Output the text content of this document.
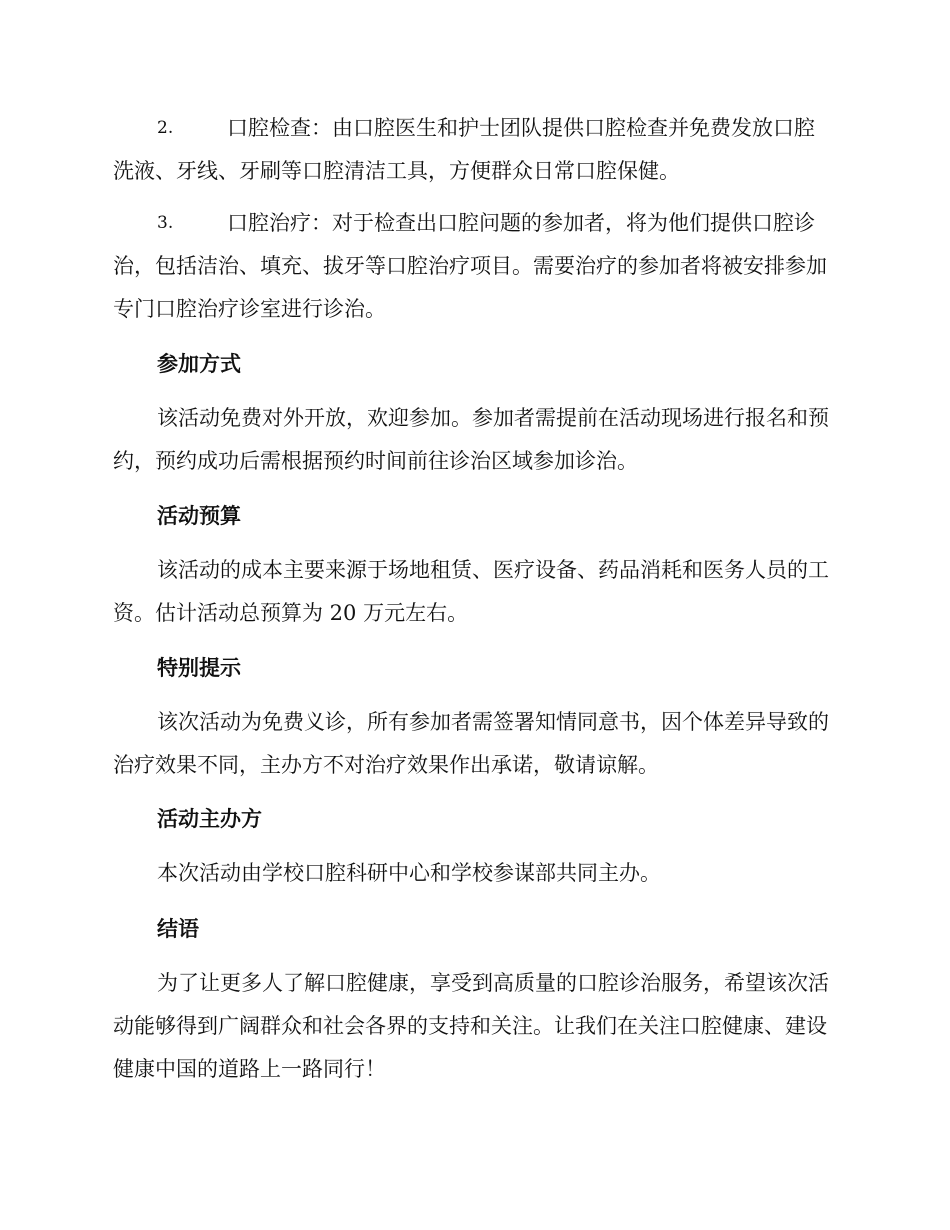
2.	口腔检查：由口腔医生和护士团队提供口腔检查并免费发放口腔洗液、牙线、牙刷等口腔清洁工具，方便群众日常口腔保健。

3.	口腔治疗：对于检查出口腔问题的参加者，将为他们提供口腔诊治，包括洁治、填充、拔牙等口腔治疗项目。需要治疗的参加者将被安排参加专门口腔治疗诊室进行诊治。

参加方式

该活动免费对外开放，欢迎参加。参加者需提前在活动现场进行报名和预约，预约成功后需根据预约时间前往诊治区域参加诊治。

活动预算

该活动的成本主要来源于场地租赁、医疗设备、药品消耗和医务人员的工资。估计活动总预算为 20 万元左右。

特别提示

该次活动为免费义诊，所有参加者需签署知情同意书，因个体差异导致的治疗效果不同，主办方不对治疗效果作出承诺，敬请谅解。

活动主办方

本次活动由学校口腔科研中心和学校参谋部共同主办。

结语

为了让更多人了解口腔健康，享受到高质量的口腔诊治服务，希望该次活动能够得到广阔群众和社会各界的支持和关注。让我们在关注口腔健康、建设健康中国的道路上一路同行！
